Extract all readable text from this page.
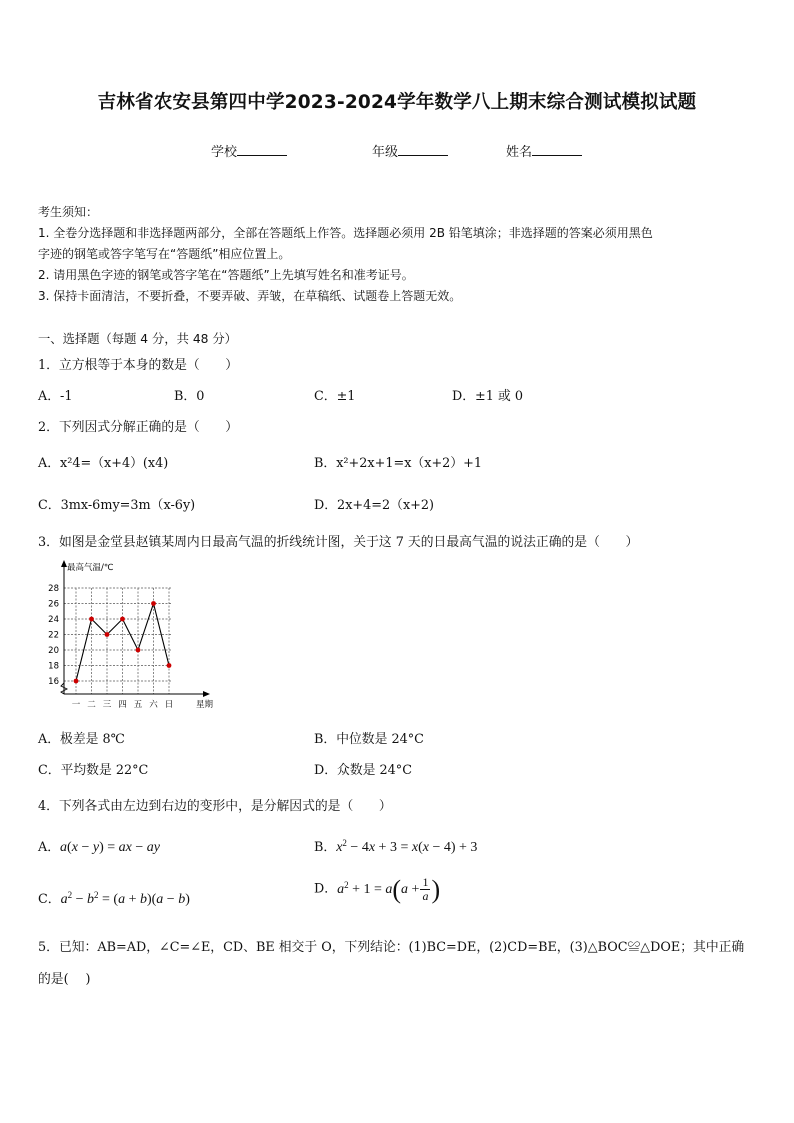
吉林省农安县第四中学2023-2024学年数学八上期末综合测试模拟试题
学校	年级	姓名
考生须知：
1. 全卷分选择题和非选择题两部分，全部在答题纸上作答。选择题必须用 2B 铅笔填涂；非选择题的答案必须用黑色
字迹的钢笔或答字笔写在“答题纸”相应位置上。
2. 请用黑色字迹的钢笔或答字笔在“答题纸”上先填写姓名和准考证号。
3. 保持卡面清洁，不要折叠，不要弄破、弄皱，在草稿纸、试题卷上答题无效。
一、选择题（每题 4 分，共 48 分）
1．立方根等于本身的数是（　　）
A．-1	B．0	C．±1	D．±1 或 0
2．下列因式分解正确的是（　　）
A．x²4=（x+4）(x4)	B．x²+2x+1=x（x+2）+1
C．3mx-6my=3m（x-6y)	D．2x+4=2（x+2)
3．如图是金堂县赵镇某周内日最高气温的折线统计图，关于这 7 天的日最高气温的说法正确的是（　　）
最高气温/℃
星期
16
18
20
22
24
26
28
一 二 三 四 五 六 日
A．极差是 8℃	B．中位数是 24°C
C．平均数是 22°C	D．众数是 24°C
4．下列各式由左边到右边的变形中，是分解因式的是（　　）
A．a(x − y) = ax − ay	B．$x^2 - 4x + 3 = x(x - 4) + 3$
C．$a^2 - b^2 = (a + b)(a - b)$
D．$a^2 + 1 = a(a + \frac{1}{a}$ )
5．已知：AB=AD，∠C=∠E，CD、BE 相交于 O，下列结论：(1)BC=DE，(2)CD=BE，(3)△BOC≌△DOE；其中正确
的是(　 )
